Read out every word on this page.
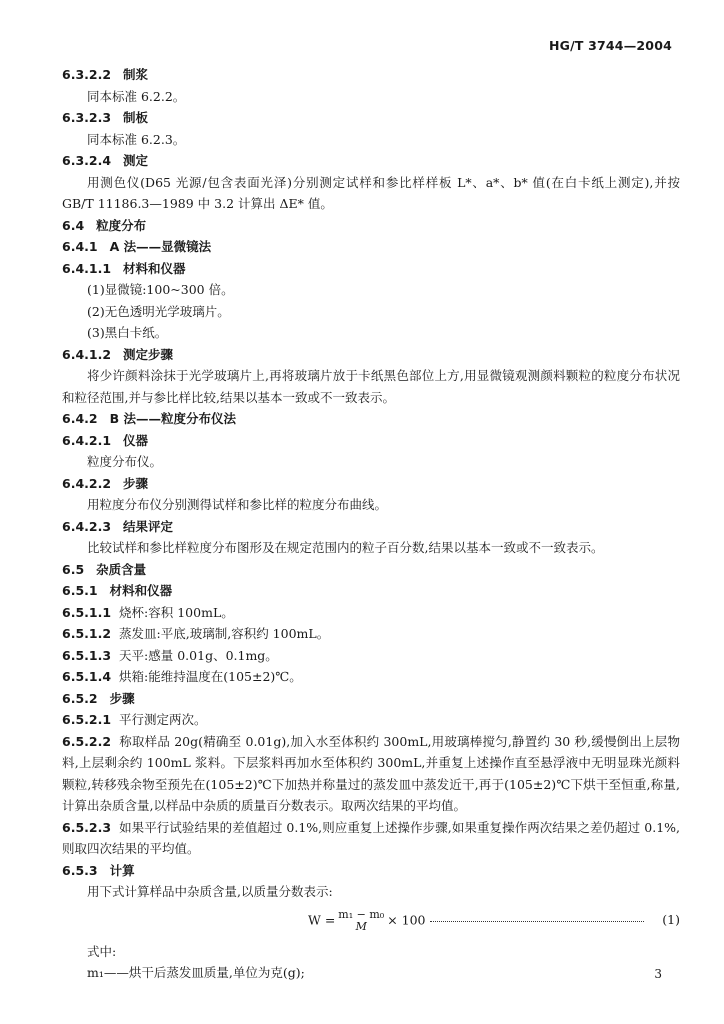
HG/T 3744—2004
6.3.2.2 制浆
同本标准 6.2.2。
6.3.2.3 制板
同本标准 6.2.3。
6.3.2.4 测定
用测色仪(D65 光源/包含表面光泽)分别测定试样和参比样样板 L*、a*、b* 值(在白卡纸上测定),并按 GB/T 11186.3—1989 中 3.2 计算出 ΔE* 值。
6.4 粒度分布
6.4.1 A 法——显微镜法
6.4.1.1 材料和仪器
(1)显微镜:100~300 倍。
(2)无色透明光学玻璃片。
(3)黑白卡纸。
6.4.1.2 测定步骤
将少许颜料涂抹于光学玻璃片上,再将玻璃片放于卡纸黑色部位上方,用显微镜观测颜料颗粒的粒度分布状况和粒径范围,并与参比样比较,结果以基本一致或不一致表示。
6.4.2 B 法——粒度分布仪法
6.4.2.1 仪器
粒度分布仪。
6.4.2.2 步骤
用粒度分布仪分别测得试样和参比样的粒度分布曲线。
6.4.2.3 结果评定
比较试样和参比样粒度分布图形及在规定范围内的粒子百分数,结果以基本一致或不一致表示。
6.5 杂质含量
6.5.1 材料和仪器
6.5.1.1 烧杯:容积 100mL。
6.5.1.2 蒸发皿:平底,玻璃制,容积约 100mL。
6.5.1.3 天平:感量 0.01g、0.1mg。
6.5.1.4 烘箱:能维持温度在(105±2)℃。
6.5.2 步骤
6.5.2.1 平行测定两次。
6.5.2.2 称取样品 20g(精确至 0.01g),加入水至体积约 300mL,用玻璃棒搅匀,静置约 30 秒,缓慢倒出上层物料,上层剩余约 100mL 浆料。下层浆料再加水至体积约 300mL,并重复上述操作直至悬浮液中无明显珠光颜料颗粒,转移残余物至预先在(105±2)℃下加热并称量过的蒸发皿中蒸发近干,再于(105±2)℃下烘干至恒重,称量,计算出杂质含量,以样品中杂质的质量百分数表示。取两次结果的平均值。
6.5.2.3 如果平行试验结果的差值超过 0.1%,则应重复上述操作步骤,如果重复操作两次结果之差仍超过 0.1%,则取四次结果的平均值。
6.5.3 计算
用下式计算样品中杂质含量,以质量分数表示:
W = m₁ − m₀
M	× 100	(1)
式中:
m₁——烘干后蒸发皿质量,单位为克(g);	3
